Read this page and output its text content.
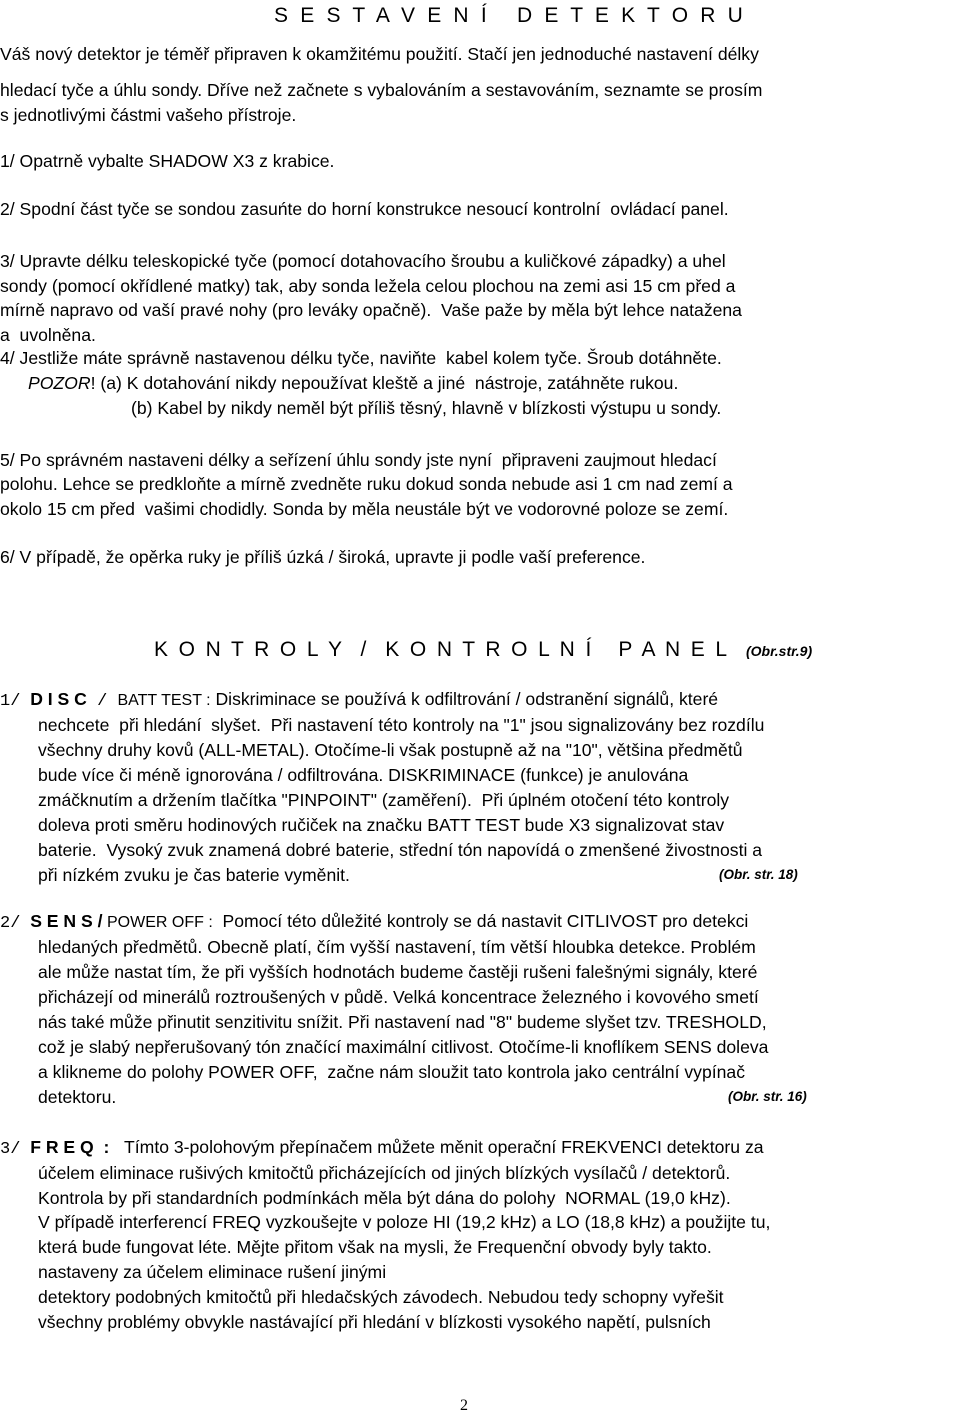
S E S T A V E N Í   D E T E K T O R U
Váš nový detektor je téměř připraven k okamžitému použití. Stačí jen jednoduché nastavení délky
hledací tyče a úhlu sondy. Dříve než začnete s vybalováním a sestavováním, seznamte se prosím
s jednotlivými částmi vašeho přístroje.
1/ Opatrně vybalte SHADOW X3 z krabice.
2/ Spodní část tyče se sondou zasuńte do horní konstrukce nesoucí kontrolní  ovládací panel.
3/ Upravte délku teleskopické tyče (pomocí dotahovacího šroubu a kuličkové západky) a uhel
sondy (pomocí okřídlené matky) tak, aby sonda ležela celou plochou na zemi asi 15 cm před a
mírně napravo od vaší pravé nohy (pro leváky opačně).  Vaše paže by měla být lehce natažena
a  uvolněna.
4/ Jestliže máte správně nastavenou délku tyče, naviňte  kabel kolem tyče. Šroub dotáhněte.
POZOR! (a) K dotahování nikdy nepoužívat kleště a jiné  nástroje, zatáhněte rukou.
(b) Kabel by nikdy neměl být příliš těsný, hlavně v blízkosti výstupu u sondy.
5/ Po správném nastaveni délky a seřízení úhlu sondy jste nyní  připraveni zaujmout hledací
polohu. Lehce se predkloňte a mírně zvedněte ruku dokud sonda nebude asi 1 cm nad zemí a
okolo 15 cm před  vašimi chodidly. Sonda by měla neustále být ve vodorovné poloze se zemí.
6/ V případě, že opěrka ruky je příliš úzká / široká, upravte ji podle vaší preference.
K O N T R O L Y  /  K O N T R O L N Í   P A N E L (Obr.str.9)
1/ D I S C / BATT TEST : Diskriminace se používá k odfiltrování / odstranění signálů, které
nechcete  při hledání  slyšet.  Při nastavení této kontroly na "1" jsou signalizovány bez rozdílu
všechny druhy kovů (ALL-METAL). Otočíme-li však postupně až na "10", většina předmětů
bude více či méně ignorována / odfiltrována. DISKRIMINACE (funkce) je anulována
zmáčknutím a držením tlačítka "PINPOINT" (zaměření).  Při úplném otočení této kontroly
doleva proti směru hodinových ručiček na značku BATT TEST bude X3 signalizovat stav
baterie.  Vysoký zvuk znamená dobré baterie, střední tón napovídá o zmenšené živostnosti a
při nízkém zvuku je čas baterie vyměnit.	(Obr. str. 18)
2/ S E N S / POWER OFF :  Pomocí této důležité kontroly se dá nastavit CITLIVOST pro detekci
hledaných předmětů. Obecně platí, čím vyšší nastavení, tím větší hloubka detekce. Problém
ale může nastat tím, že při vyšších hodnotách budeme častěji rušeni falešnými signály, které
přicházejí od minerálů roztroušených v půdě. Velká koncentrace železného i kovového smetí
nás také může přinutit senzitivitu snížit. Při nastavení nad "8" budeme slyšet tzv. TRESHOLD,
což je slabý nepřerušovaný tón značící maximální citlivost. Otočíme-li knoflíkem SENS doleva
a klikneme do polohy POWER OFF,  začne nám sloužit tato kontrola jako centrální vypínač
detektoru.	(Obr. str. 16)
3/ F R E Q  : Tímto 3-polohovým přepínačem můžete měnit operační FREKVENCI detektoru za
účelem eliminace rušivých kmitočtů přicházejících od jiných blízkých vysílačů / detektorů.
Kontrola by při standardních podmínkách měla být dána do polohy  NORMAL (19,0 kHz).
V případě interferencí FREQ vyzkoušejte v poloze HI (19,2 kHz) a LO (18,8 kHz) a použijte tu,
která bude fungovat léte. Mějte přitom však na mysli, že Frequenční obvody byly takto.
nastaveny za účelem eliminace rušení jinými
detektory podobných kmitočtů při hledačských závodech. Nebudou tedy schopny vyřešit
všechny problémy obvykle nastávající při hledání v blízkosti vysokého napětí, pulsních
2
